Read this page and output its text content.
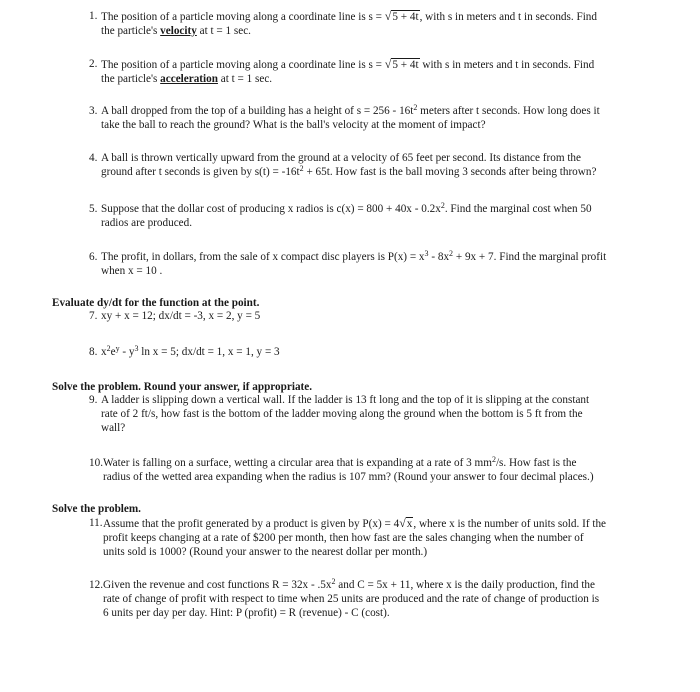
1. The position of a particle moving along a coordinate line is s = √5 + 4t, with s in meters and t in seconds. Find
the particle's velocity at t = 1 sec.
2. The position of a particle moving along a coordinate line is s = √5 + 4t with s in meters and t in seconds. Find
the particle's acceleration at t = 1 sec.
3. A ball dropped from the top of a building has a height of $s = 256 - 16t^2$ meters after t seconds. How long does it
take the ball to reach the ground? What is the ball's velocity at the moment of impact?
4. A ball is thrown vertically upward from the ground at a velocity of 65 feet per second. Its distance from the
ground after t seconds is given by $s(t) = -16t^2 + 65t$. How fast is the ball moving 3 seconds after being thrown?
5. Suppose that the dollar cost of producing x radios is $c(x) = 800 + 40x - 0.2x^2$. Find the marginal cost when 50
radios are produced.
6. The profit, in dollars, from the sale of x compact disc players is $P(x) = x^3 - 8x^2 + 9x + 7$. Find the marginal profit
when x = 10 .
Evaluate dy/dt for the function at the point.
7. xy + x = 12; dx/dt = -3, x = 2, y = 5
8. $x^2e^y - y^3$ ln x = 5; dx/dt = 1, x = 1, y = 3
Solve the problem. Round your answer, if appropriate.
9. A ladder is slipping down a vertical wall. If the ladder is 13 ft long and the top of it is slipping at the constant
rate of 2 ft/s, how fast is the bottom of the ladder moving along the ground when the bottom is 5 ft from the
wall?
10. Water is falling on a surface, wetting a circular area that is expanding at a rate of 3 $mm^2/s$. How fast is the
radius of the wetted area expanding when the radius is 107 mm? (Round your answer to four decimal places.)
Solve the problem.
11. Assume that the profit generated by a product is given by P(x) = 4√x, where x is the number of units sold. If the
profit keeps changing at a rate of $200 per month, then how fast are the sales changing when the number of
units sold is 1000? (Round your answer to the nearest dollar per month.)
12. Given the revenue and cost functions $R = 32x - .5x^2$ and C = 5x + 11, where x is the daily production, find the
rate of change of profit with respect to time when 25 units are produced and the rate of change of production is
6 units per day per day. Hint: P (profit) = R (revenue) - C (cost).
